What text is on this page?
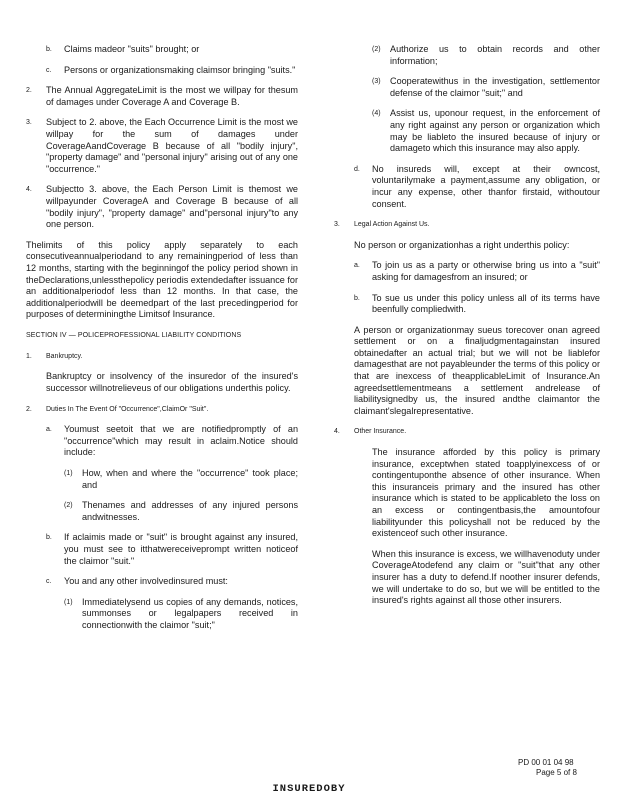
b.	Claims madeor "suits" brought; or
c.	Persons or organizationsmaking claimsor bringing "suits."
2.	The Annual AggregateLimit is the most we willpay for thesum of damages under Coverage A and Coverage B.
3.	Subject to 2. above, the Each Occurrence Limit is the most we willpay for the sum of damages under CoverageAandCoverage B because of all "bodily injury", "property damage" and "personal injury" arising out of any one "occurrence."
4.	Subjectto 3. above, the Each Person Limit is themost we willpayunder CoverageA and Coverage B because of all "bodily injury", "property damage" and"personal injury"to any one person.

Thelimits of this policy apply separately to each consecutiveannualperiodand to any remainingperiod of less than 12 months, starting with the beginningof the policy period shown in theDeclarations,unlessthepolicy periodis extendedafter issuance for an additionalperiodof less than 12 months. In that case, the additionalperiodwill be deemedpart of the last precedingperiod for purposes of determiningthe Limitsof Insurance.

SECTION IV — POLICEPROFESSIONAL LIABILITY CONDITIONS
1.	Bankruptcy.

Bankruptcy or insolvency of the insuredor of the insured's successor willnotrelieveus of our obligations underthis policy.

2.	Duties In The Event Of "Occurrence",ClaimOr "Suit".
a.	Youmust seetoit that we are notifiedpromptly of an "occurrence"which may result in aclaim.Notice should include:
(1)	How, when and where the "occurrence" took place; and
(2)	Thenames and addresses of any injured persons andwitnesses.
b.	If aclaimis made or "suit" is brought against any insured, you must see to itthatwereceiveprompt written noticeof the claimor "suit."
c.	You and any other involvedinsured must:
(1)	Immediatelysend us copies of any demands, notices, summonses or legalpapers received in connectionwith the claimor "suit;"
(2)	Authorize us to obtain records and other information;
(3)	Cooperatewithus in the investigation, settlementor defense of the claimor "suit;" and
(4)	Assist us, uponour request, in the enforcement of any right against any person or organization which may be liableto the insured because of injury or damageto which this insurance may also apply.
d.	No insureds will, except at their owncost, voluntarilymake a payment,assume any obligation, or incur any expense, other thanfor firstaid, withoutour consent.
3.	Legal Action Against Us.

No person or organizationhas a right underthis policy:

a.	To join us as a party or otherwise bring us into a "suit" asking for damagesfrom an insured; or
b.	To sue us under this policy unless all of its terms have beenfully compliedwith.

A person or organizationmay sueus torecover onan agreed settlement or on a finaljudgmentagainstan insured obtainedafter an actual trial; but we will not be liablefor damagesthat are not payableunder the terms of this policy or that are inexcess of theapplicableLimit of Insurance.An agreedsettlementmeans a settlement andrelease of liabilitysignedby us, the insured andthe claimantor the claimant'slegalrepresentative.

4.	Other Insurance.

The insurance afforded by this policy is primary insurance, exceptwhen stated toapplyinexcess of or contingentuponthe absence of other insurance. When this insuranceis primary and the insured has other insurance which is stated to be applicableto the loss on an excess or contingentbasis,the amountofour liabilityunder this policyshall not be reduced by the existenceof such other insurance.

When this insurance is excess, we willhavenoduty under CoverageAtodefend any claim or "suit"that any other insurer has a duty to defend.If noother insurer defends, we will undertake to do so, but we will be entitled to the insured's rights against all those other insurers.

PD 00 01 04 98
Page 5 of 8
INSUREDOBY
